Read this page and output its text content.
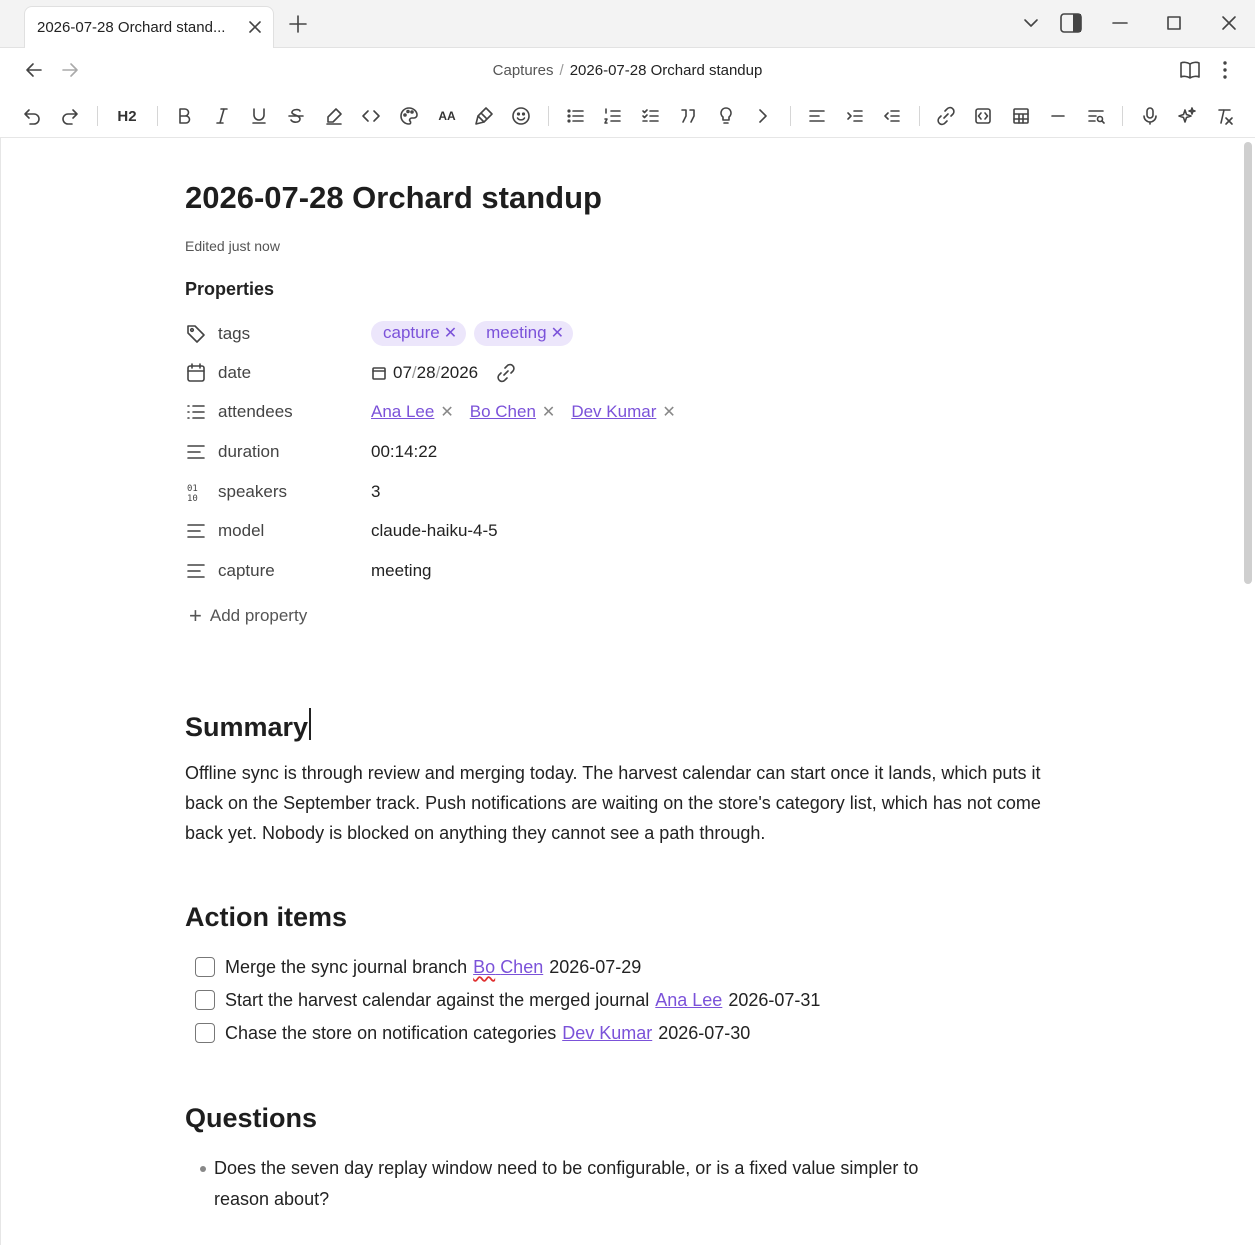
2026-07-28 Orchard stand...
Captures / 2026-07-28 Orchard standup
H2	AA
2026-07-28 Orchard standup
Edited just now
Properties
tags	capture ✕ meeting ✕
date	07 / 28 / 2026
attendees	Ana Lee ✕ Bo Chen ✕ Dev Kumar ✕
duration	00:14:22
01
10 speakers	3
model	claude-haiku-4-5
capture	meeting
+ Add property
Summary
Offline sync is through review and merging today. The harvest calendar can start once it lands, which puts it back on the September track. Push notifications are waiting on the store's category list, which has not come back yet. Nobody is blocked on anything they cannot see a path through.
Action items
Merge the sync journal branch Bo Chen 2026-07-29
Start the harvest calendar against the merged journal Ana Lee 2026-07-31
Chase the store on notification categories Dev Kumar 2026-07-30
Questions
Does the seven day replay window need to be configurable, or is a fixed value simpler to reason about?
